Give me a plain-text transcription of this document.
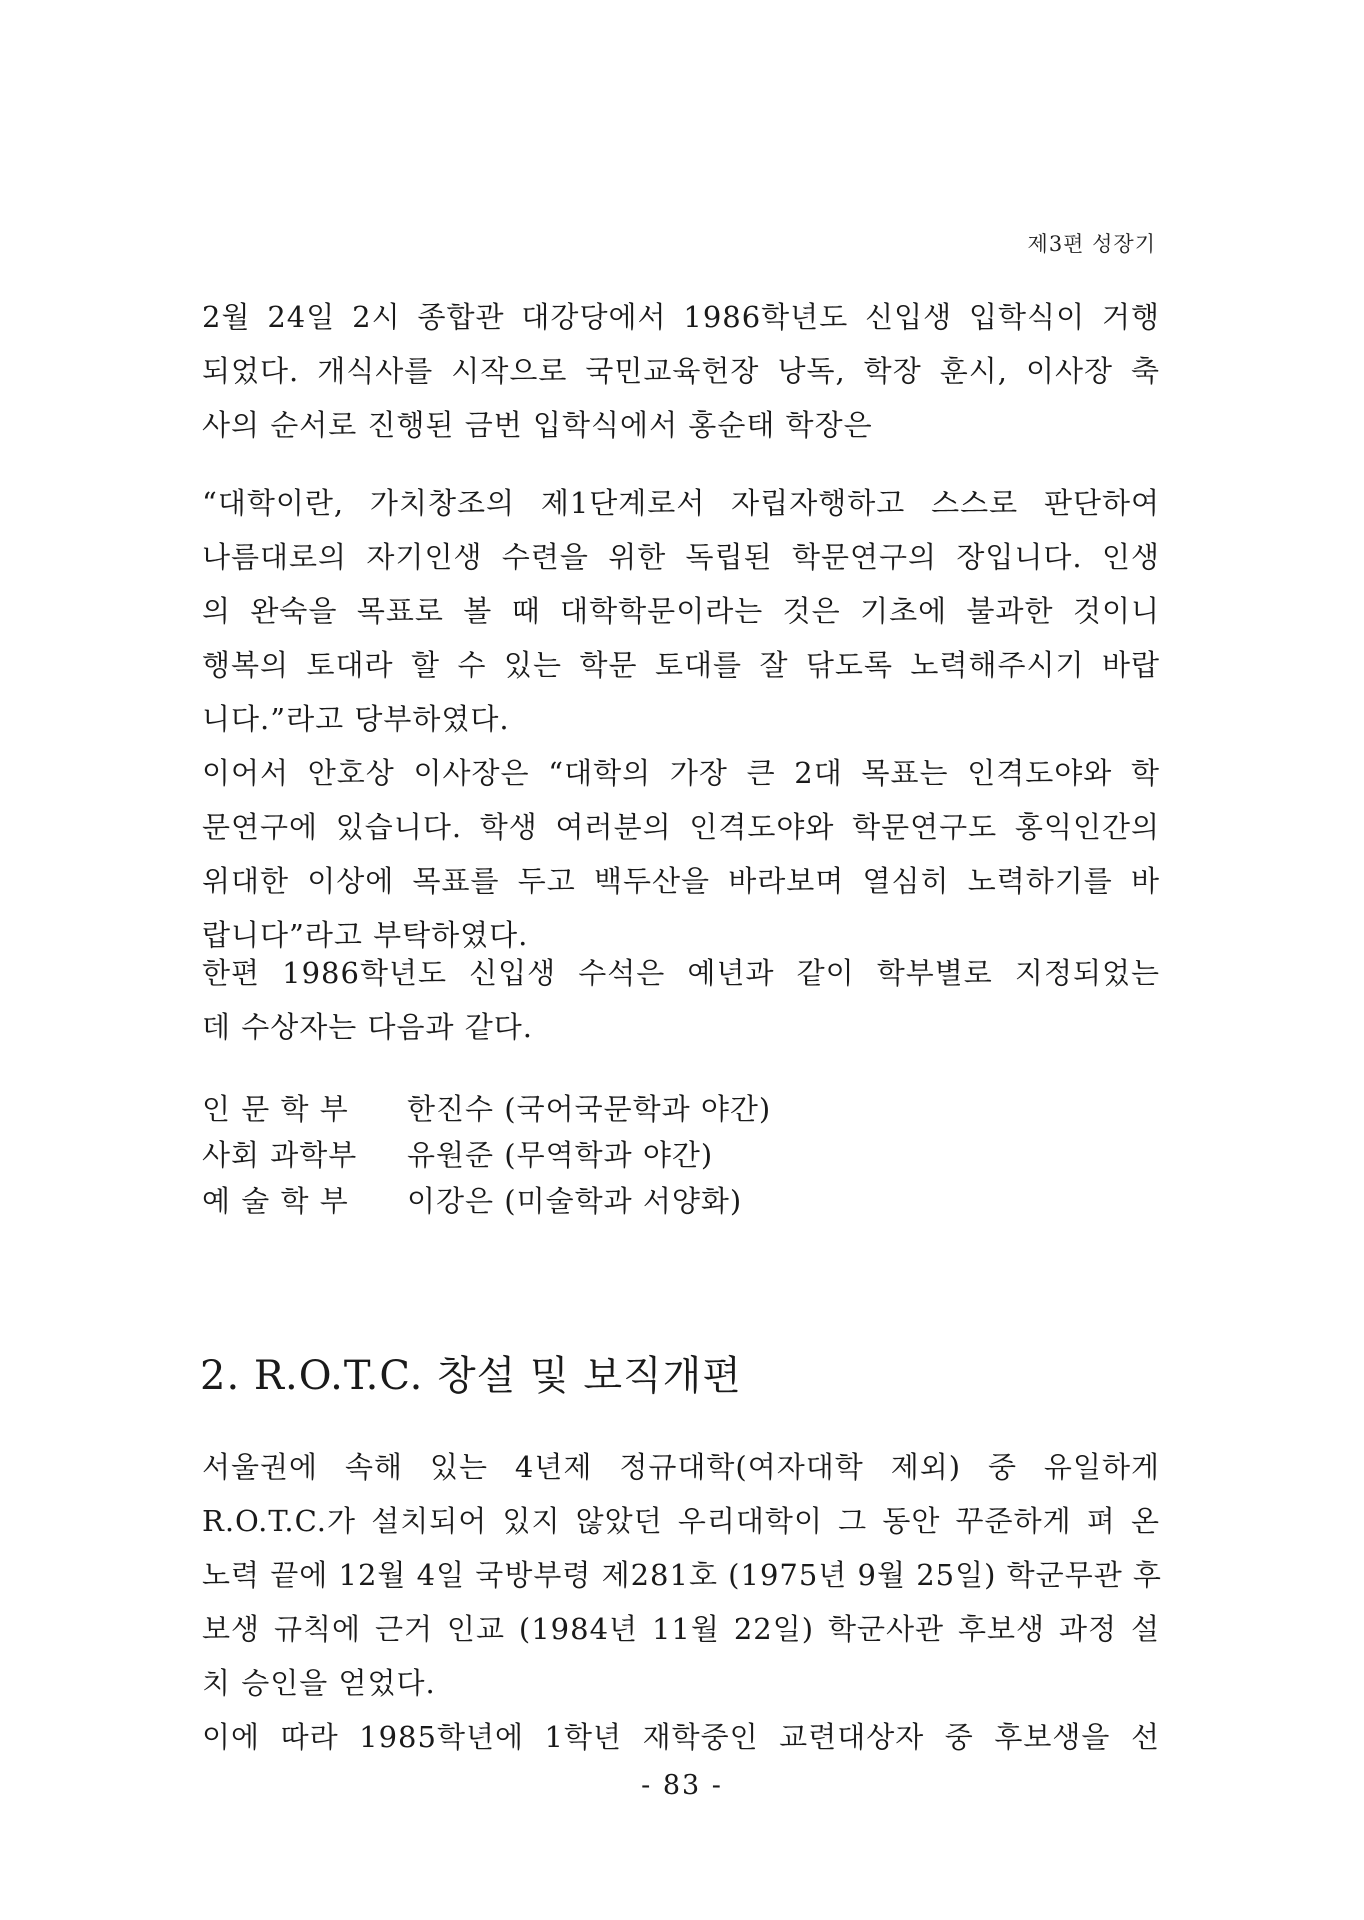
제3편 성장기
2월 24일 2시 종합관 대강당에서 1986학년도 신입생 입학식이 거행
되었다. 개식사를 시작으로 국민교육헌장 낭독, 학장 훈시, 이사장 축
사의 순서로 진행된 금번 입학식에서 홍순태 학장은
“대학이란, 가치창조의 제1단계로서 자립자행하고 스스로 판단하여
나름대로의 자기인생 수련을 위한 독립된 학문연구의 장입니다. 인생
의 완숙을 목표로 볼 때 대학학문이라는 것은 기초에 불과한 것이니
행복의 토대라 할 수 있는 학문 토대를 잘 닦도록 노력해주시기 바랍
니다.”라고 당부하였다.
이어서 안호상 이사장은 “대학의 가장 큰 2대 목표는 인격도야와 학
문연구에 있습니다. 학생 여러분의 인격도야와 학문연구도 홍익인간의
위대한 이상에 목표를 두고 백두산을 바라보며 열심히 노력하기를 바
랍니다”라고 부탁하였다.
한편 1986학년도 신입생 수석은 예년과 같이 학부별로 지정되었는
데 수상자는 다음과 같다.
인 문 학 부	한진수 (국어국문학과 야간)
사회 과학부	유원준 (무역학과 야간)
예 술 학 부	이강은 (미술학과 서양화)
2. R.O.T.C. 창설 및 보직개편
서울권에 속해 있는 4년제 정규대학(여자대학 제외) 중 유일하게
R.O.T.C.가 설치되어 있지 않았던 우리대학이 그 동안 꾸준하게 펴 온
노력 끝에 12월 4일 국방부령 제281호 (1975년 9월 25일) 학군무관 후
보생 규칙에 근거 인교 (1984년 11월 22일) 학군사관 후보생 과정 설
치 승인을 얻었다.
이에 따라 1985학년에 1학년 재학중인 교련대상자 중 후보생을 선
- 83 -
